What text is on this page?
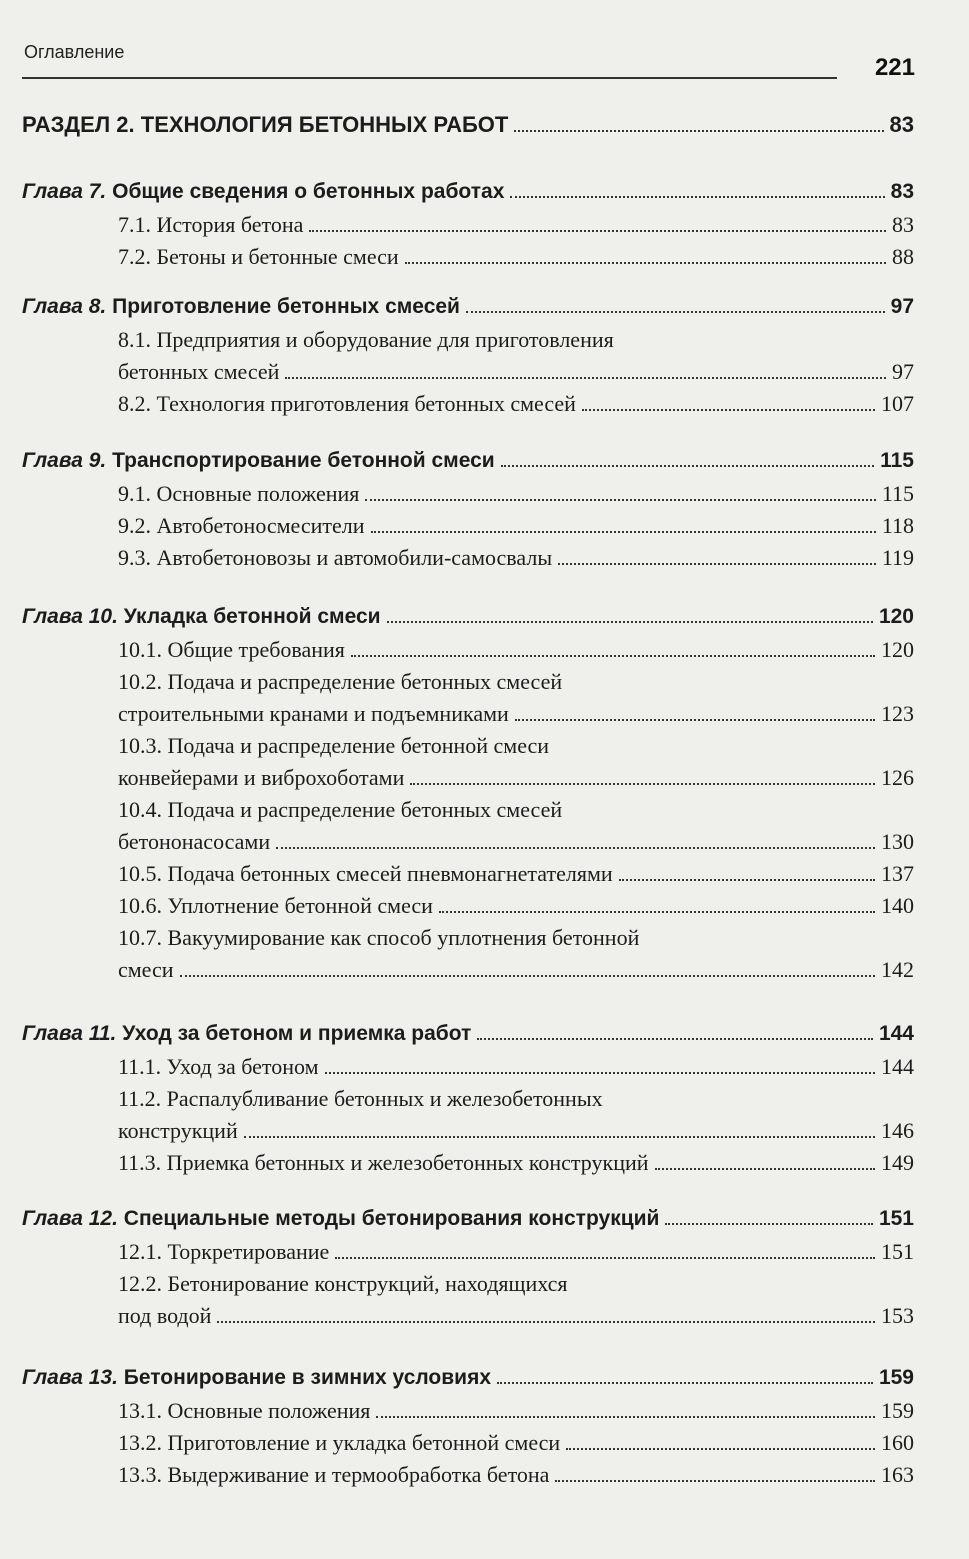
Оглавление
221
РАЗДЕЛ 2. ТЕХНОЛОГИЯ БЕТОННЫХ РАБОТ	83
Глава 7. Общие сведения о бетонных работах	83
7.1. История бетона	83
7.2. Бетоны и бетонные смеси	88
Глава 8. Приготовление бетонных смесей	97
8.1. Предприятия и оборудование для приготовления
бетонных смесей	97
8.2. Технология приготовления бетонных смесей	107
Глава 9. Транспортирование бетонной смеси	115
9.1. Основные положения	115
9.2. Автобетоносмесители	118
9.3. Автобетоновозы и автомобили-самосвалы	119
Глава 10. Укладка бетонной смеси	120
10.1. Общие требования	120
10.2. Подача и распределение бетонных смесей
строительными кранами и подъемниками	123
10.3. Подача и распределение бетонной смеси
конвейерами и виброхоботами	126
10.4. Подача и распределение бетонных смесей
бетононасосами	130
10.5. Подача бетонных смесей пневмонагнетателями	137
10.6. Уплотнение бетонной смеси	140
10.7. Вакуумирование как способ уплотнения бетонной
смеси	142
Глава 11. Уход за бетоном и приемка работ	144
11.1. Уход за бетоном	144
11.2. Распалубливание бетонных и железобетонных
конструкций	146
11.3. Приемка бетонных и железобетонных конструкций	149
Глава 12. Специальные методы бетонирования конструкций	151
12.1. Торкретирование	151
12.2. Бетонирование конструкций, находящихся
под водой	153
Глава 13. Бетонирование в зимних условиях	159
13.1. Основные положения	159
13.2. Приготовление и укладка бетонной смеси	160
13.3. Выдерживание и термообработка бетона	163
